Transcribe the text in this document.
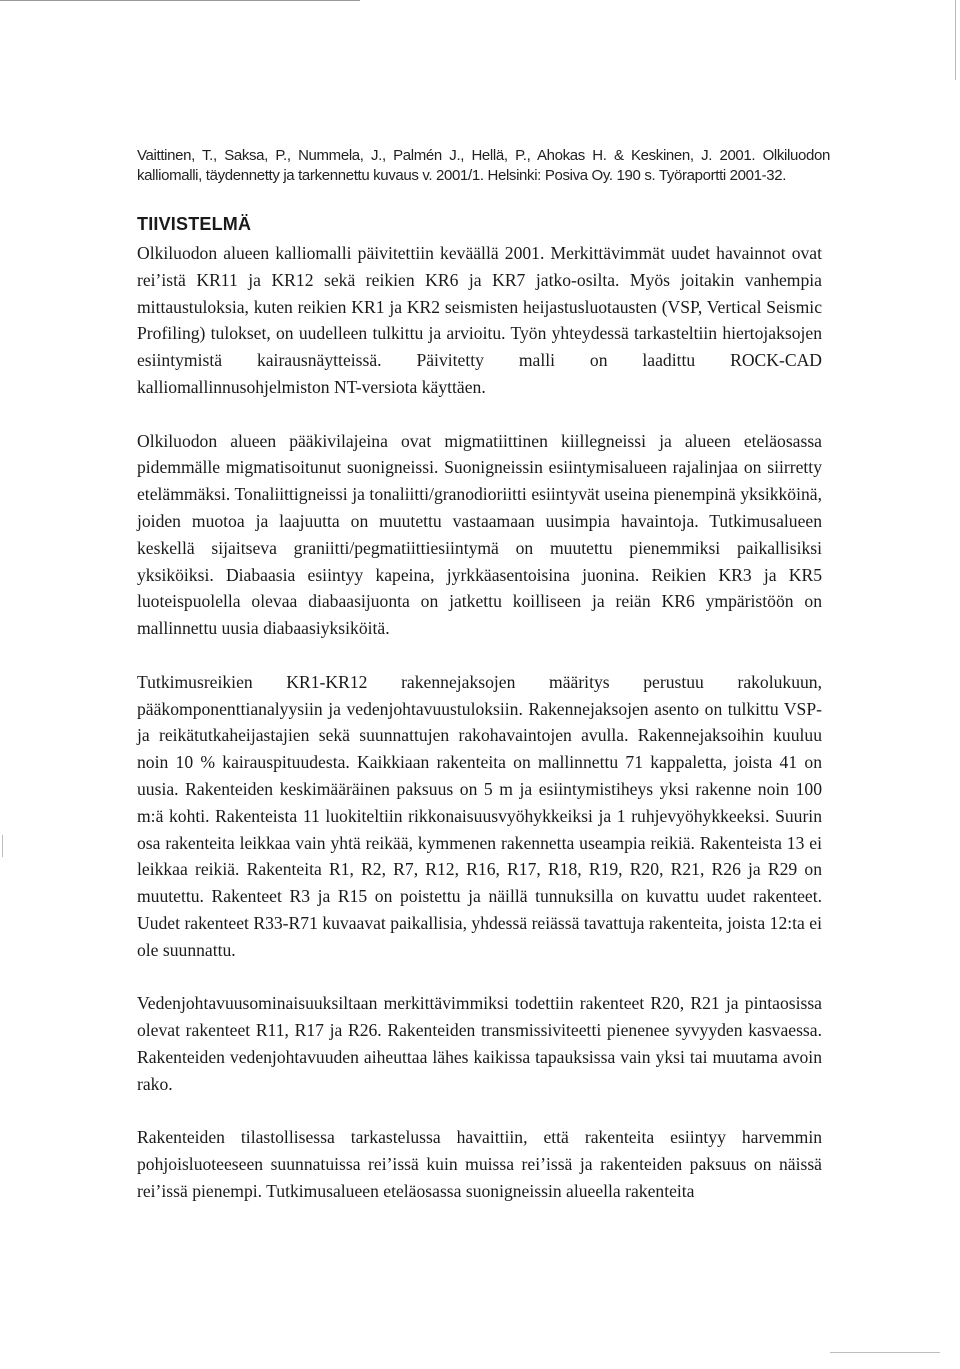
Vaittinen, T., Saksa, P., Nummela, J., Palmén J., Hellä, P., Ahokas H. & Keskinen, J. 2001. Olkiluodon kalliomalli, täydennetty ja tarkennettu kuvaus v. 2001/1. Helsinki: Posiva Oy. 190 s. Työraportti 2001-32.
TIIVISTELMÄ

Olkiluodon alueen kalliomalli päivitettiin keväällä 2001. Merkittävimmät uudet havainnot ovat rei’istä KR11 ja KR12 sekä reikien KR6 ja KR7 jatko-osilta. Myös joitakin vanhempia mittaustuloksia, kuten reikien KR1 ja KR2 seismisten heijastusluotausten (VSP, Vertical Seismic Profiling) tulokset, on uudelleen tulkittu ja arvioitu. Työn yhteydessä tarkasteltiin hiertojaksojen esiintymistä kairausnäytteissä. Päivitetty malli on laadittu ROCK-CAD kalliomallinnusohjelmiston NT-versiota käyttäen.

Olkiluodon alueen pääkivilajeina ovat migmatiittinen kiillegneissi ja alueen eteläosassa pidemmälle migmatisoitunut suonigneissi. Suonigneissin esiintymisalueen rajalinjaa on siirretty etelämmäksi. Tonaliittigneissi ja tonaliitti/granodioriitti esiintyvät useina pienempinä yksikköinä, joiden muotoa ja laajuutta on muutettu vastaamaan uusimpia havaintoja. Tutkimusalueen keskellä sijaitseva graniitti/pegmatiittiesiintymä on muutettu pienemmiksi paikallisiksi yksiköiksi. Diabaasia esiintyy kapeina, jyrkkäasentoisina juonina. Reikien KR3 ja KR5 luoteispuolella olevaa diabaasijuonta on jatkettu koilliseen ja reiän KR6 ympäristöön on mallinnettu uusia diabaasiyksiköitä.

Tutkimusreikien KR1-KR12 rakennejaksojen määritys perustuu rakolukuun, pääkomponenttianalyysiin ja vedenjohtavuustuloksiin. Rakennejaksojen asento on tulkittu VSP- ja reikätutkaheijastajien sekä suunnattujen rakohavaintojen avulla. Rakennejaksoihin kuuluu noin 10 % kairauspituudesta. Kaikkiaan rakenteita on mallinnettu 71 kappaletta, joista 41 on uusia. Rakenteiden keskimääräinen paksuus on 5 m ja esiintymistiheys yksi rakenne noin 100 m:ä kohti. Rakenteista 11 luokiteltiin rikkonaisuusvyöhykkeiksi ja 1 ruhjevyöhykkeeksi. Suurin osa rakenteita leikkaa vain yhtä reikää, kymmenen rakennetta useampia reikiä. Rakenteista 13 ei leikkaa reikiä. Rakenteita R1, R2, R7, R12, R16, R17, R18, R19, R20, R21, R26 ja R29 on muutettu. Rakenteet R3 ja R15 on poistettu ja näillä tunnuksilla on kuvattu uudet rakenteet. Uudet rakenteet R33-R71 kuvaavat paikallisia, yhdessä reiässä tavattuja rakenteita, joista 12:ta ei ole suunnattu.

Vedenjohtavuusominaisuuksiltaan merkittävimmiksi todettiin rakenteet R20, R21 ja pintaosissa olevat rakenteet R11, R17 ja R26. Rakenteiden transmissiviteetti pienenee syvyyden kasvaessa. Rakenteiden vedenjohtavuuden aiheuttaa lähes kaikissa tapauksissa vain yksi tai muutama avoin rako.

Rakenteiden tilastollisessa tarkastelussa havaittiin, että rakenteita esiintyy harvemmin pohjoisluoteeseen suunnatuissa rei’issä kuin muissa rei’issä ja rakenteiden paksuus on näissä rei’issä pienempi. Tutkimusalueen eteläosassa suonigneissin alueella rakenteita
